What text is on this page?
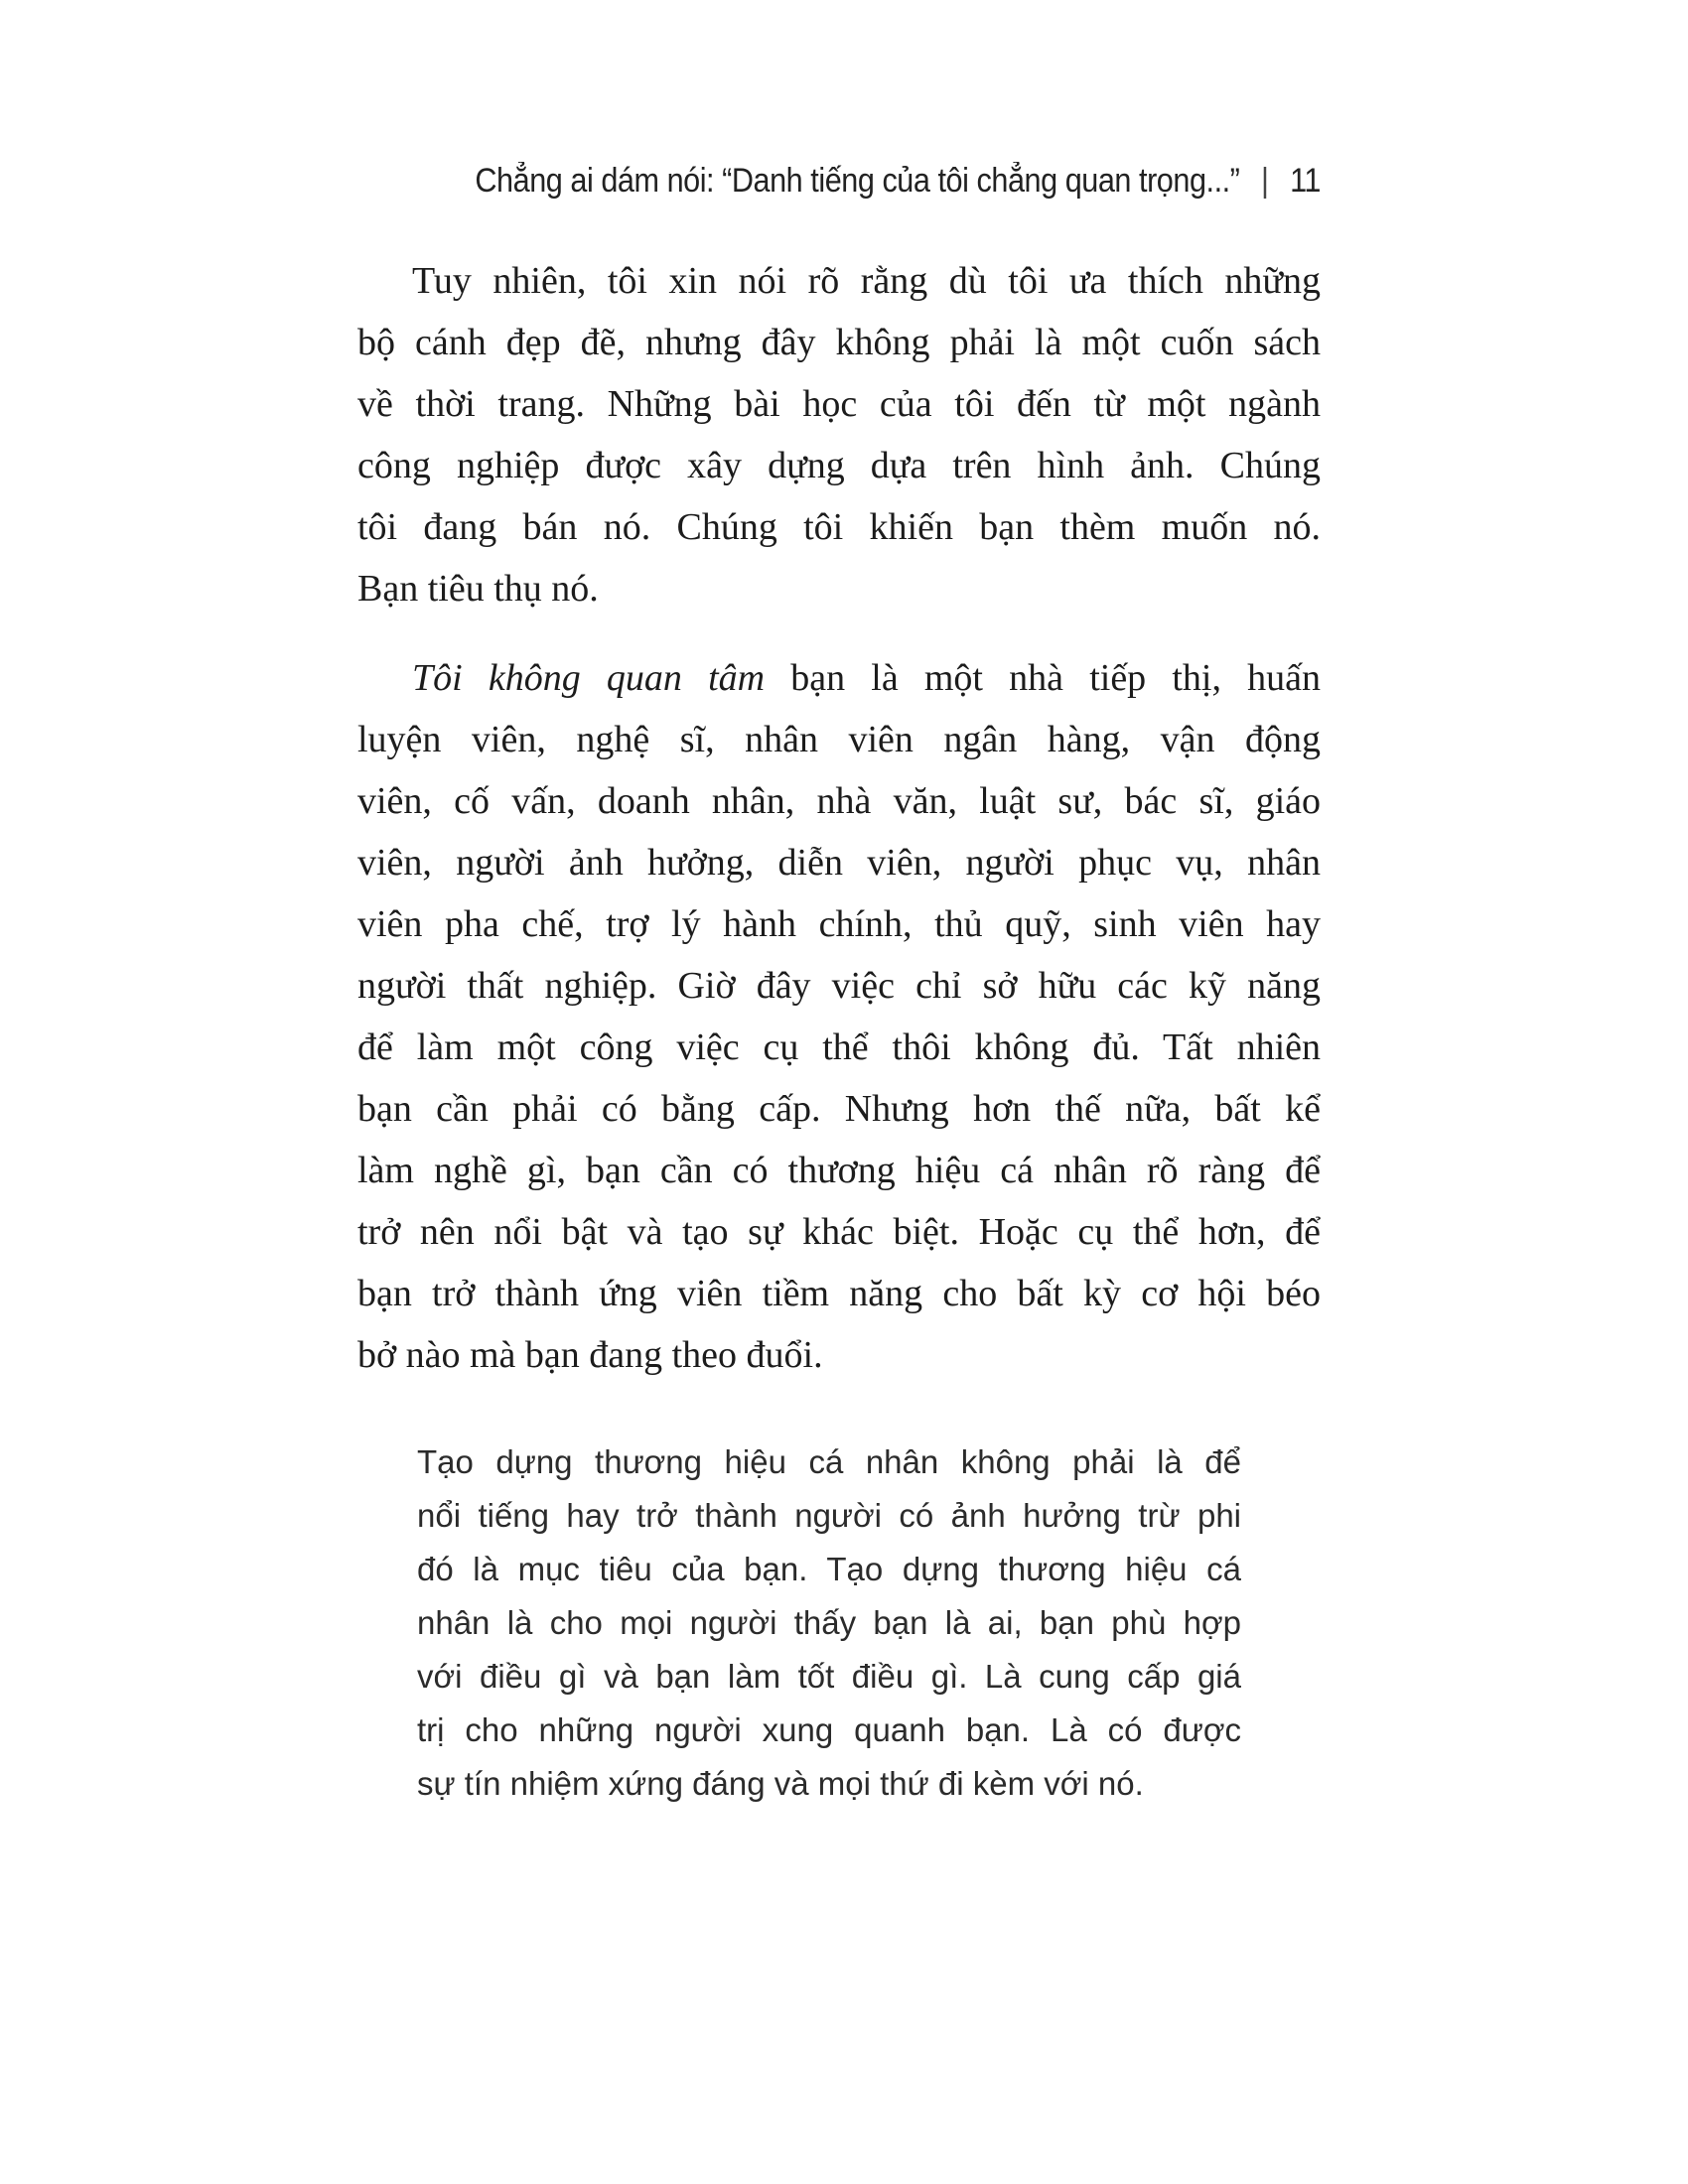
Chẳng ai dám nói: “Danh tiếng của tôi chẳng quan trọng...” | 11
Tuy nhiên, tôi xin nói rõ rằng dù tôi ưa thích những
bộ cánh đẹp đẽ, nhưng đây không phải là một cuốn sách
về thời trang. Những bài học của tôi đến từ một ngành
công nghiệp được xây dựng dựa trên hình ảnh. Chúng
tôi đang bán nó. Chúng tôi khiến bạn thèm muốn nó.
Bạn tiêu thụ nó.
Tôi không quan tâm bạn là một nhà tiếp thị, huấn
luyện viên, nghệ sĩ, nhân viên ngân hàng, vận động
viên, cố vấn, doanh nhân, nhà văn, luật sư, bác sĩ, giáo
viên, người ảnh hưởng, diễn viên, người phục vụ, nhân
viên pha chế, trợ lý hành chính, thủ quỹ, sinh viên hay
người thất nghiệp. Giờ đây việc chỉ sở hữu các kỹ năng
để làm một công việc cụ thể thôi không đủ. Tất nhiên
bạn cần phải có bằng cấp. Nhưng hơn thế nữa, bất kể
làm nghề gì, bạn cần có thương hiệu cá nhân rõ ràng để
trở nên nổi bật và tạo sự khác biệt. Hoặc cụ thể hơn, để
bạn trở thành ứng viên tiềm năng cho bất kỳ cơ hội béo
bở nào mà bạn đang theo đuổi.
Tạo dựng thương hiệu cá nhân không phải là để
nổi tiếng hay trở thành người có ảnh hưởng trừ phi
đó là mục tiêu của bạn. Tạo dựng thương hiệu cá
nhân là cho mọi người thấy bạn là ai, bạn phù hợp
với điều gì và bạn làm tốt điều gì. Là cung cấp giá
trị cho những người xung quanh bạn. Là có được
sự tín nhiệm xứng đáng và mọi thứ đi kèm với nó.
